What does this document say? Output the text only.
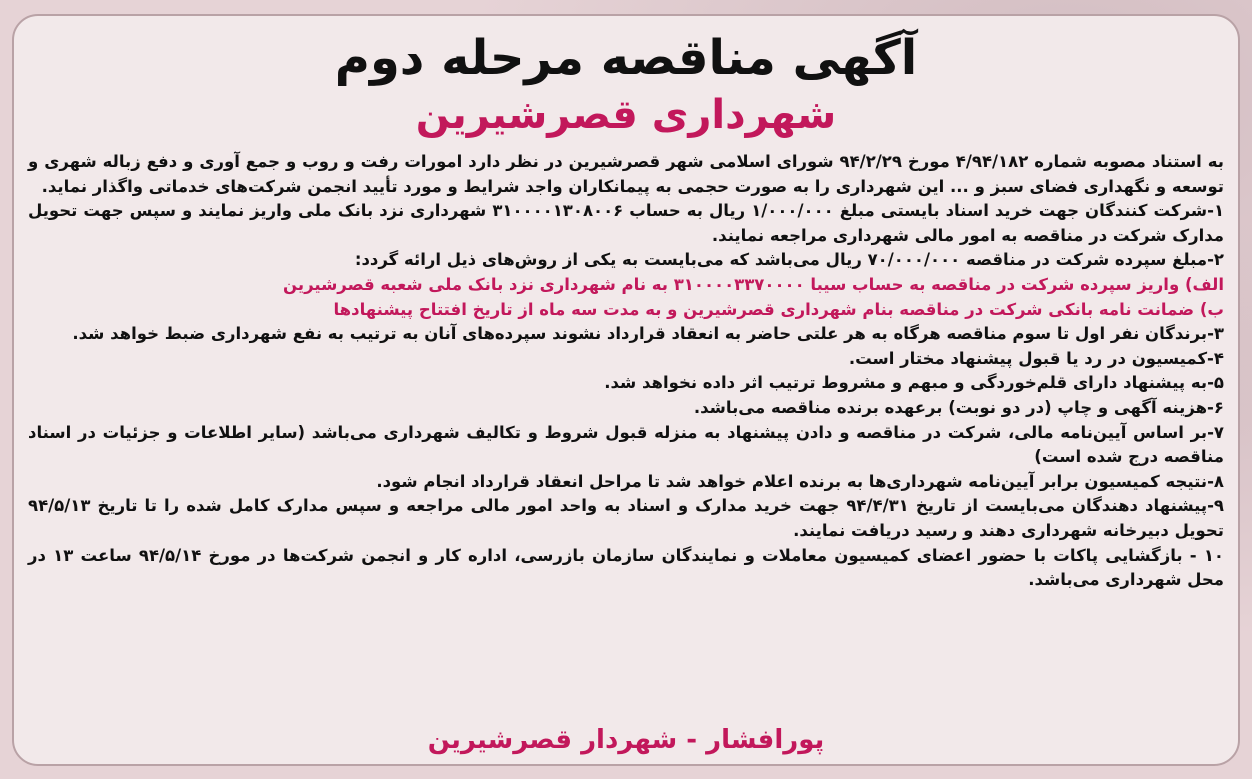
آگهی مناقصه مرحله دوم
شهرداری قصرشیرین

به استناد مصوبه شماره ۴/۹۴/۱۸۲ مورخ ۹۴/۲/۲۹ شورای اسلامی شهر قصرشیرین در نظر دارد امورات رفت و روب و جمع آوری و دفع زباله شهری و توسعه و نگهداری فضای سبز و ... این شهرداری را به صورت حجمی به پیمانکاران واجد شرایط و مورد تأیید انجمن شرکت‌های خدماتی واگذار نماید.

۱-شرکت کنندگان جهت خرید اسناد بایستی مبلغ ۱/۰۰۰/۰۰۰ ریال به حساب ۳۱۰۰۰۰۱۳۰۸۰۰۶ شهرداری نزد بانک ملی واریز نمایند و سپس جهت تحویل مدارک شرکت در مناقصه به امور مالی شهرداری مراجعه نمایند.

۲-مبلغ سپرده شرکت در مناقصه ۷۰/۰۰۰/۰۰۰ ریال می‌باشد که می‌بایست به یکی از روش‌های ذیل ارائه گردد:

الف) واریز سپرده شرکت در مناقصه به حساب سیبا ۳۱۰۰۰۰۳۳۷۰۰۰۰ به نام شهرداری نزد بانک ملی شعبه قصرشیرین

ب) ضمانت نامه بانکی شرکت در مناقصه بنام شهرداری قصرشیرین و به مدت سه ماه از تاریخ افتتاح پیشنهادها

۳-برندگان نفر اول تا سوم مناقصه هرگاه به هر علتی حاضر به انعقاد قرارداد نشوند سپرده‌های آنان به ترتیب به نفع شهرداری ضبط خواهد شد.

۴-کمیسیون در رد یا قبول پیشنهاد مختار است.

۵-به پیشنهاد دارای قلم‌خوردگی و مبهم و مشروط ترتیب اثر داده نخواهد شد.

۶-هزینه آگهی و چاپ (در دو نوبت) برعهده برنده مناقصه می‌باشد.

۷-بر اساس آیین‌نامه مالی، شرکت در مناقصه و دادن پیشنهاد به منزله قبول شروط و تکالیف شهرداری می‌باشد (سایر اطلاعات و جزئیات در اسناد مناقصه درج شده است)

۸-نتیجه کمیسیون برابر آیین‌نامه شهرداری‌ها به برنده اعلام خواهد شد تا مراحل انعقاد قرارداد انجام شود.

۹-پیشنهاد دهندگان می‌بایست از تاریخ ۹۴/۴/۳۱ جهت خرید مدارک و اسناد به واحد امور مالی مراجعه و سپس مدارک کامل شده را تا تاریخ ۹۴/۵/۱۳ تحویل دبیرخانه شهرداری دهند و رسید دریافت نمایند.

۱۰ - بازگشایی پاکات با حضور اعضای کمیسیون معاملات و نمایندگان سازمان بازرسی، اداره کار و انجمن شرکت‌ها در مورخ ۹۴/۵/۱۴ ساعت ۱۳ در محل شهرداری می‌باشد.

پورافشار - شهردار قصرشیرین
